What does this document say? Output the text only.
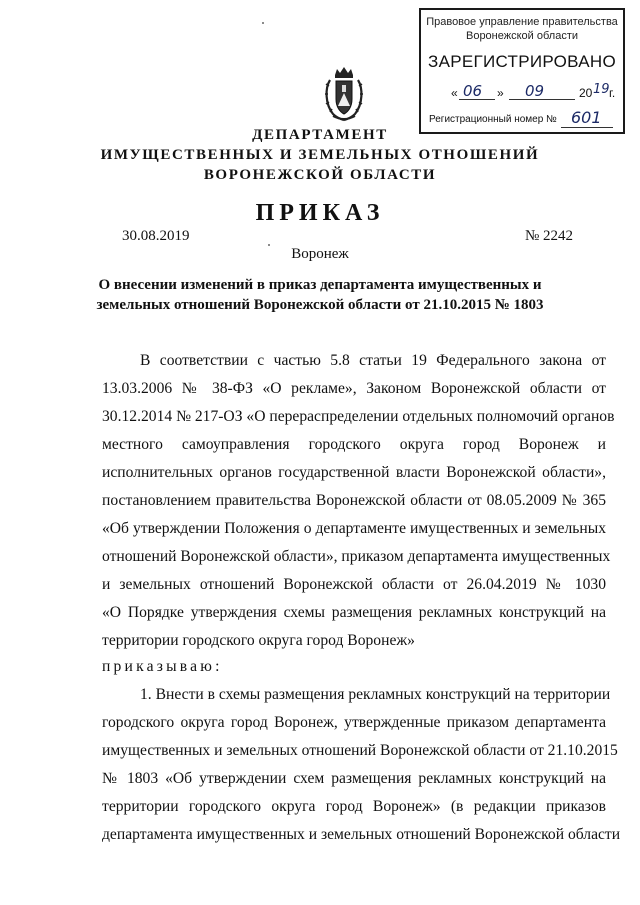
Правовое управление правительства
Воронежской области
ЗАРЕГИСТРИРОВАНО
« 06 » 09	20 19 г.
Регистрационный номер № 601
ДЕПАРТАМЕНТ
ИМУЩЕСТВЕННЫХ И ЗЕМЕЛЬНЫХ ОТНОШЕНИЙ
ВОРОНЕЖСКОЙ ОБЛАСТИ
ПРИКАЗ
30.08.2019	№ 2242
Воронеж
О внесении изменений в приказ департамента имущественных и
земельных отношений Воронежской области от 21.10.2015 № 1803
В соответствии с частью 5.8 статьи 19 Федерального закона от
13.03.2006 № 38-ФЗ «О рекламе», Законом Воронежской области от
30.12.2014 № 217-ОЗ «О перераспределении отдельных полномочий органов
местного самоуправления городского округа город Воронеж и
исполнительных органов государственной власти Воронежской области»,
постановлением правительства Воронежской области от 08.05.2009 № 365
«Об утверждении Положения о департаменте имущественных и земельных
отношений Воронежской области», приказом департамента имущественных
и земельных отношений Воронежской области от 26.04.2019 № 1030
«О Порядке утверждения схемы размещения рекламных конструкций на
территории городского округа город Воронеж»
приказываю:
1. Внести в схемы размещения рекламных конструкций на территории
городского округа город Воронеж, утвержденные приказом департамента
имущественных и земельных отношений Воронежской области от 21.10.2015
№ 1803 «Об утверждении схем размещения рекламных конструкций на
территории городского округа город Воронеж» (в редакции приказов
департамента имущественных и земельных отношений Воронежской области
